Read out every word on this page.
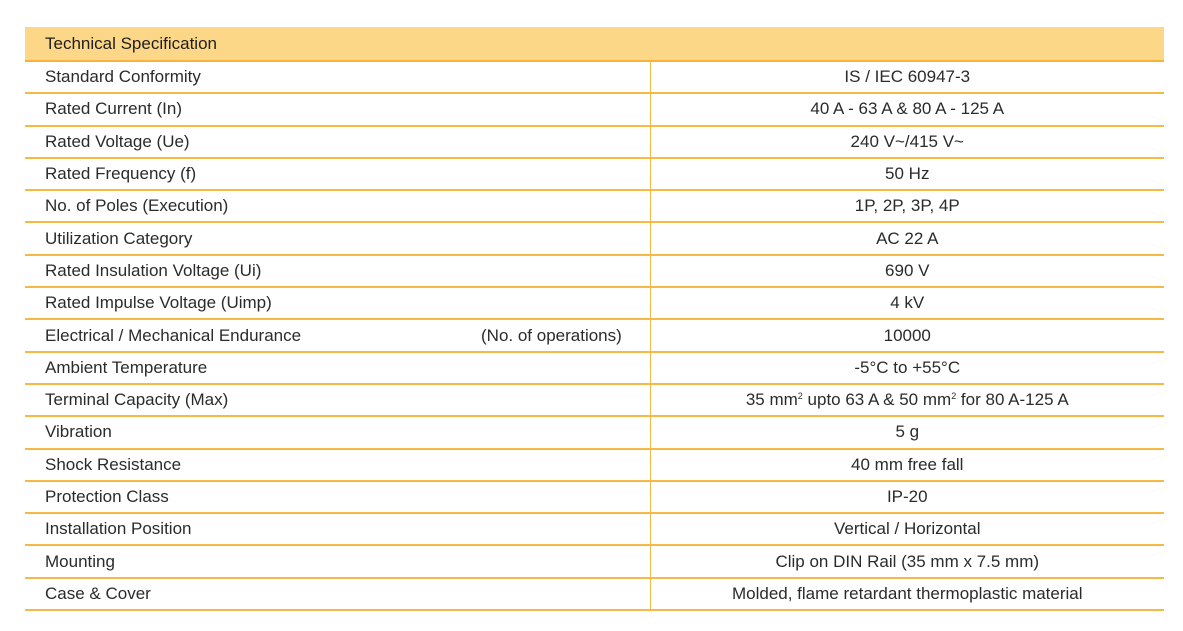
Technical Specification	
Standard Conformity	IS / IEC 60947-3
Rated Current (In)	40 A - 63 A & 80 A - 125 A
Rated Voltage (Ue)	240 V~/415 V~
Rated Frequency (f)	50 Hz
No. of Poles (Execution)	1P, 2P, 3P, 4P
Utilization Category	AC 22 A
Rated Insulation Voltage (Ui)	690 V
Rated Impulse Voltage (Uimp)	4 kV
Electrical / Mechanical Endurance (No. of operations)	10000
Ambient Temperature	-5°C to +55°C
Terminal Capacity (Max)	35 $mm^2$ upto 63 A & 50 $mm^2$ for 80 A-125 A
Vibration	5 g
Shock Resistance	40 mm free fall
Protection Class	IP-20
Installation Position	Vertical / Horizontal
Mounting	Clip on DIN Rail (35 mm x 7.5 mm)
Case & Cover	Molded, flame retardant thermoplastic material
